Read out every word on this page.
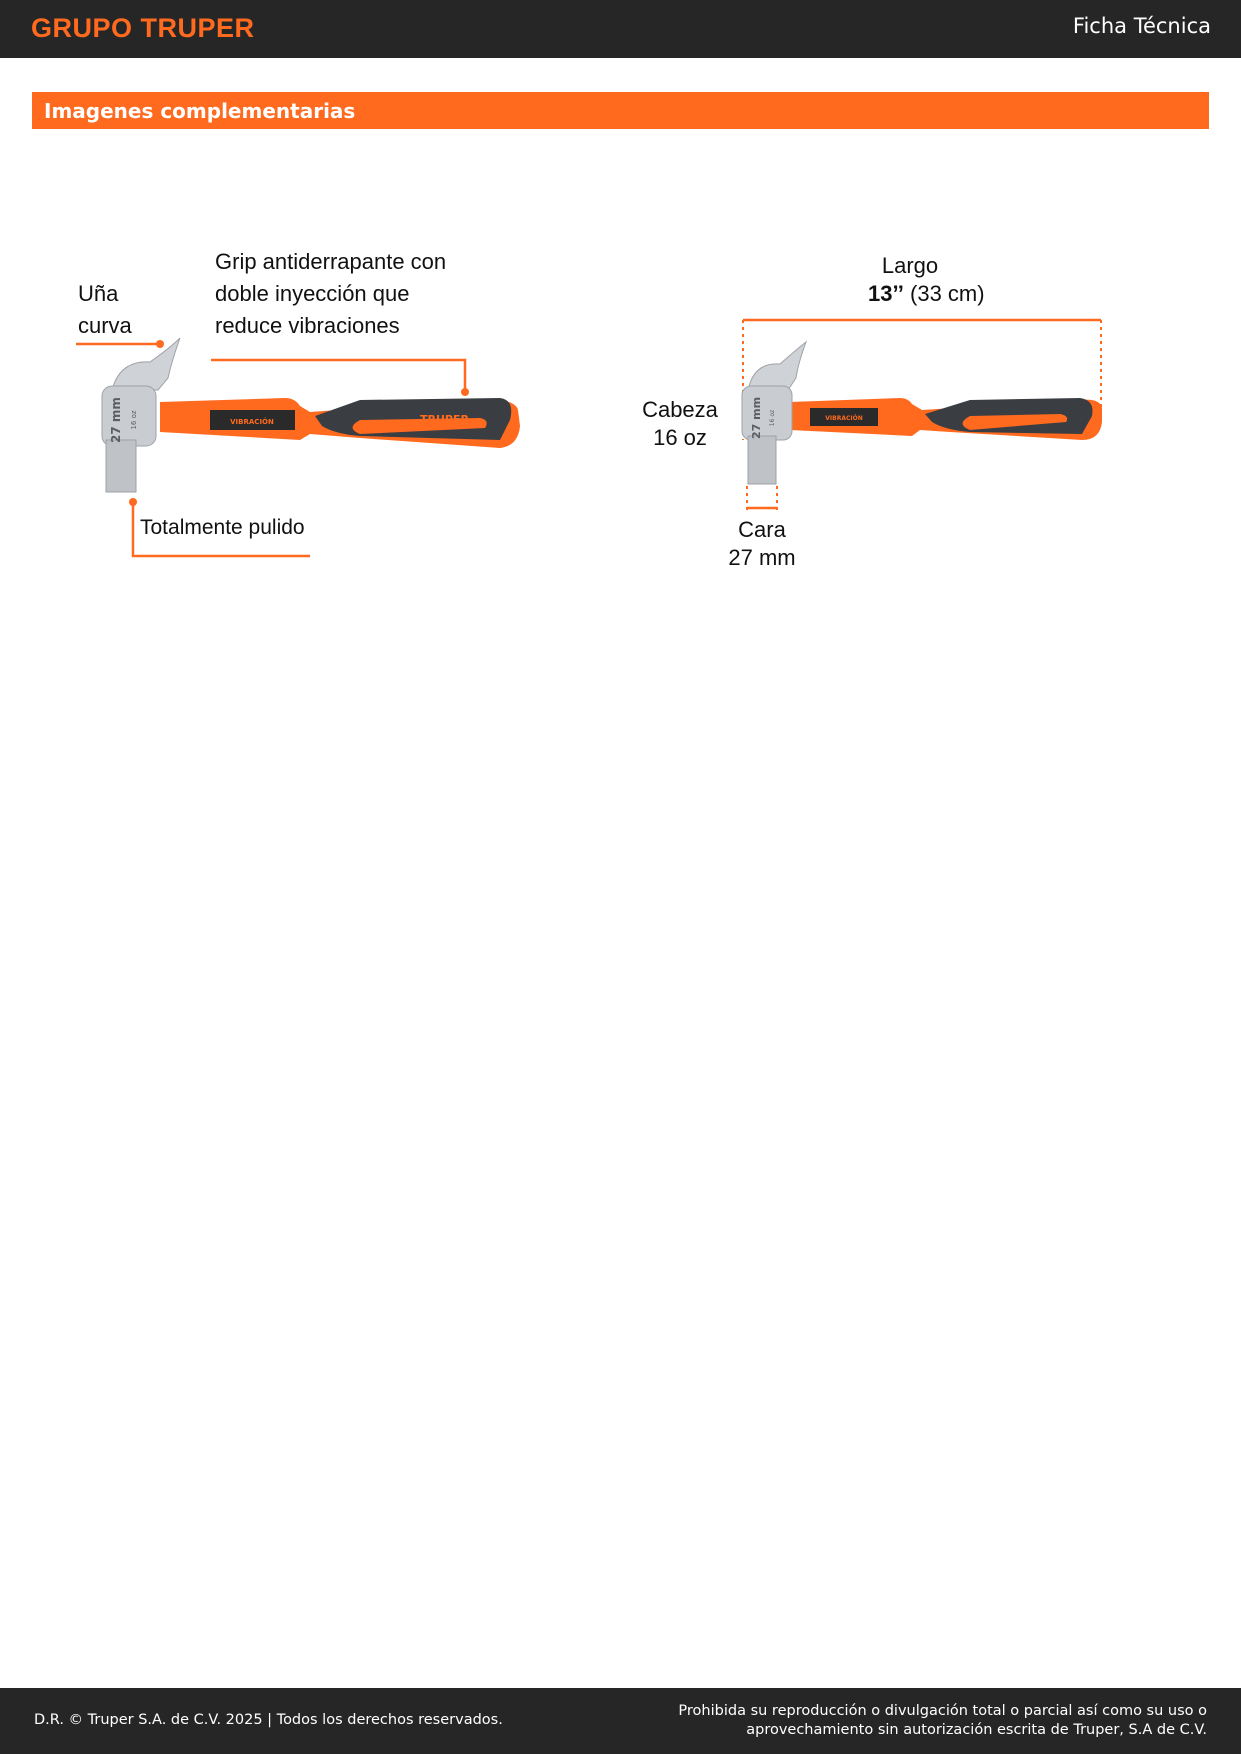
GRUPO TRUPER	Ficha Técnica
Imagenes complementarias
VIBRACIÓN	TRUPER
27 mm 16 oz
Uña
curva
Grip antiderrapante con
doble inyección que
reduce vibraciones
Totalmente pulido
VIBRACIÓN	TRUPER
27 mm 16 oz
Largo
13’’ (33 cm)
Cabeza
16 oz
Cara
27 mm
D.R. © Truper S.A. de C.V. 2025 | Todos los derechos reservados.
Prohibida su reproducción o divulgación total o parcial así como su uso o
aprovechamiento sin autorización escrita de Truper, S.A de C.V.
